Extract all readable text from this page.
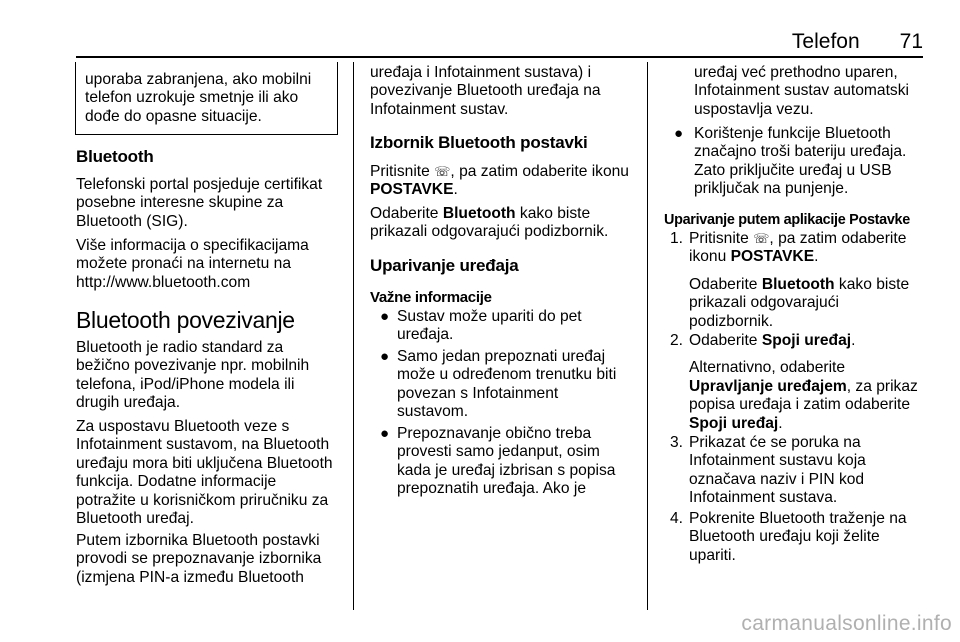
Telefon 71

uporaba zabranjena, ako mobilni

telefon uzrokuje smetnje ili ako

dođe do opasne situacije.

Bluetooth

Telefonski portal posjeduje certifikat

posebne interesne skupine za

Bluetooth (SIG).

Više informacija o specifikacijama

možete pronaći na internetu na

http://www.bluetooth.com

Bluetooth povezivanje

Bluetooth je radio standard za

bežično povezivanje npr. mobilnih

telefona, iPod/iPhone modela ili

drugih uređaja.

Za uspostavu Bluetooth veze s

Infotainment sustavom, na Bluetooth

uređaju mora biti uključena Bluetooth

funkcija. Dodatne informacije

potražite u korisničkom priručniku za

Bluetooth uređaj.

Putem izbornika Bluetooth postavki

provodi se prepoznavanje izbornika

(izmjena PIN-a između Bluetooth

uređaja i Infotainment sustava) i

povezivanje Bluetooth uređaja na

Infotainment sustav.

Izbornik Bluetooth postavki

Pritisnite ☏, pa zatim odaberite ikonu

POSTAVKE.

Odaberite Bluetooth kako biste

prikazali odgovarajući podizbornik.

Uparivanje uređaja
Važne informacije
● Sustav može upariti do pet

uređaja.

● Samo jedan prepoznati uređaj

može u određenom trenutku biti

povezan s Infotainment

sustavom.

● Prepoznavanje obično treba

provesti samo jedanput, osim

kada je uređaj izbrisan s popisa

prepoznatih uređaja. Ako je

uređaj već prethodno uparen,

Infotainment sustav automatski

uspostavlja vezu.

● Korištenje funkcije Bluetooth

značajno troši bateriju uređaja.

Zato priključite uređaj u USB

priključak na punjenje.

Uparivanje putem aplikacije Postavke
1. Pritisnite ☏, pa zatim odaberite

ikonu POSTAVKE.

Odaberite Bluetooth kako biste

prikazali odgovarajući

podizbornik.

2. Odaberite Spoji uređaj.

Alternativno, odaberite

Upravljanje uređajem, za prikaz

popisa uređaja i zatim odaberite

Spoji uređaj.

3. Prikazat će se poruka na

Infotainment sustavu koja

označava naziv i PIN kod

Infotainment sustava.

4. Pokrenite Bluetooth traženje na

Bluetooth uređaju koji želite

upariti.

carmanualsonline.info
